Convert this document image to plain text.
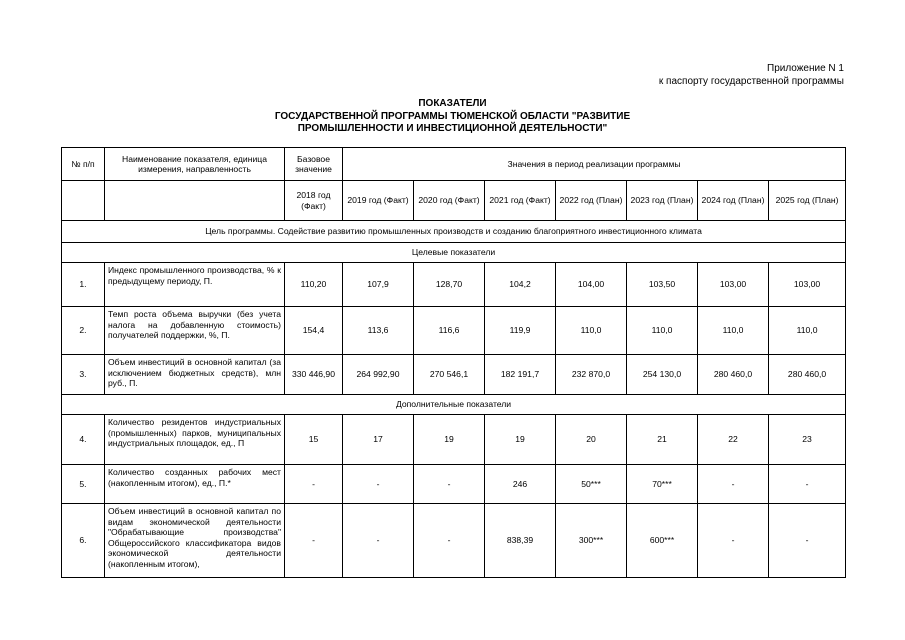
Приложение N 1
к паспорту государственной программы
ПОКАЗАТЕЛИ
ГОСУДАРСТВЕННОЙ ПРОГРАММЫ ТЮМЕНСКОЙ ОБЛАСТИ "РАЗВИТИЕ
ПРОМЫШЛЕННОСТИ И ИНВЕСТИЦИОННОЙ ДЕЯТЕЛЬНОСТИ"
№ п/п	Наименование показателя, единица измерения, направленность	Базовое значение	Значения в период реализации программы						
		2018 год (Факт)	2019 год (Факт)	2020 год (Факт)	2021 год (Факт)	2022 год (План)	2023 год (План)	2024 год (План)	2025 год (План)
Цель программы. Содействие развитию промышленных производств и созданию благоприятного инвестиционного климата									
Целевые показатели									
1.	Индекс промышленного производства, % к предыдущему периоду, П.	110,20	107,9	128,70	104,2	104,00	103,50	103,00	103,00
2.	Темп роста объема выручки (без учета налога на добавленную стоимость) получателей поддержки, %, П.	154,4	113,6	116,6	119,9	110,0	110,0	110,0	110,0
3.	Объем инвестиций в основной капитал (за исключением бюджетных средств), млн руб., П.	330 446,90	264 992,90	270 546,1	182 191,7	232 870,0	254 130,0	280 460,0	280 460,0
Дополнительные показатели									
4.	Количество резидентов индустриальных (промышленных) парков, муниципальных индустриальных площадок, ед., П	15	17	19	19	20	21	22	23
5.	Количество созданных рабочих мест (накопленным итогом), ед., П.*	-	-	-	246	50***	70***	-	-
6.	Объем инвестиций в основной капитал по видам экономической деятельности "Обрабатывающие производства" Общероссийского классификатора видов экономической деятельности (накопленным итогом),	-	-	-	838,39	300***	600***	-	-
